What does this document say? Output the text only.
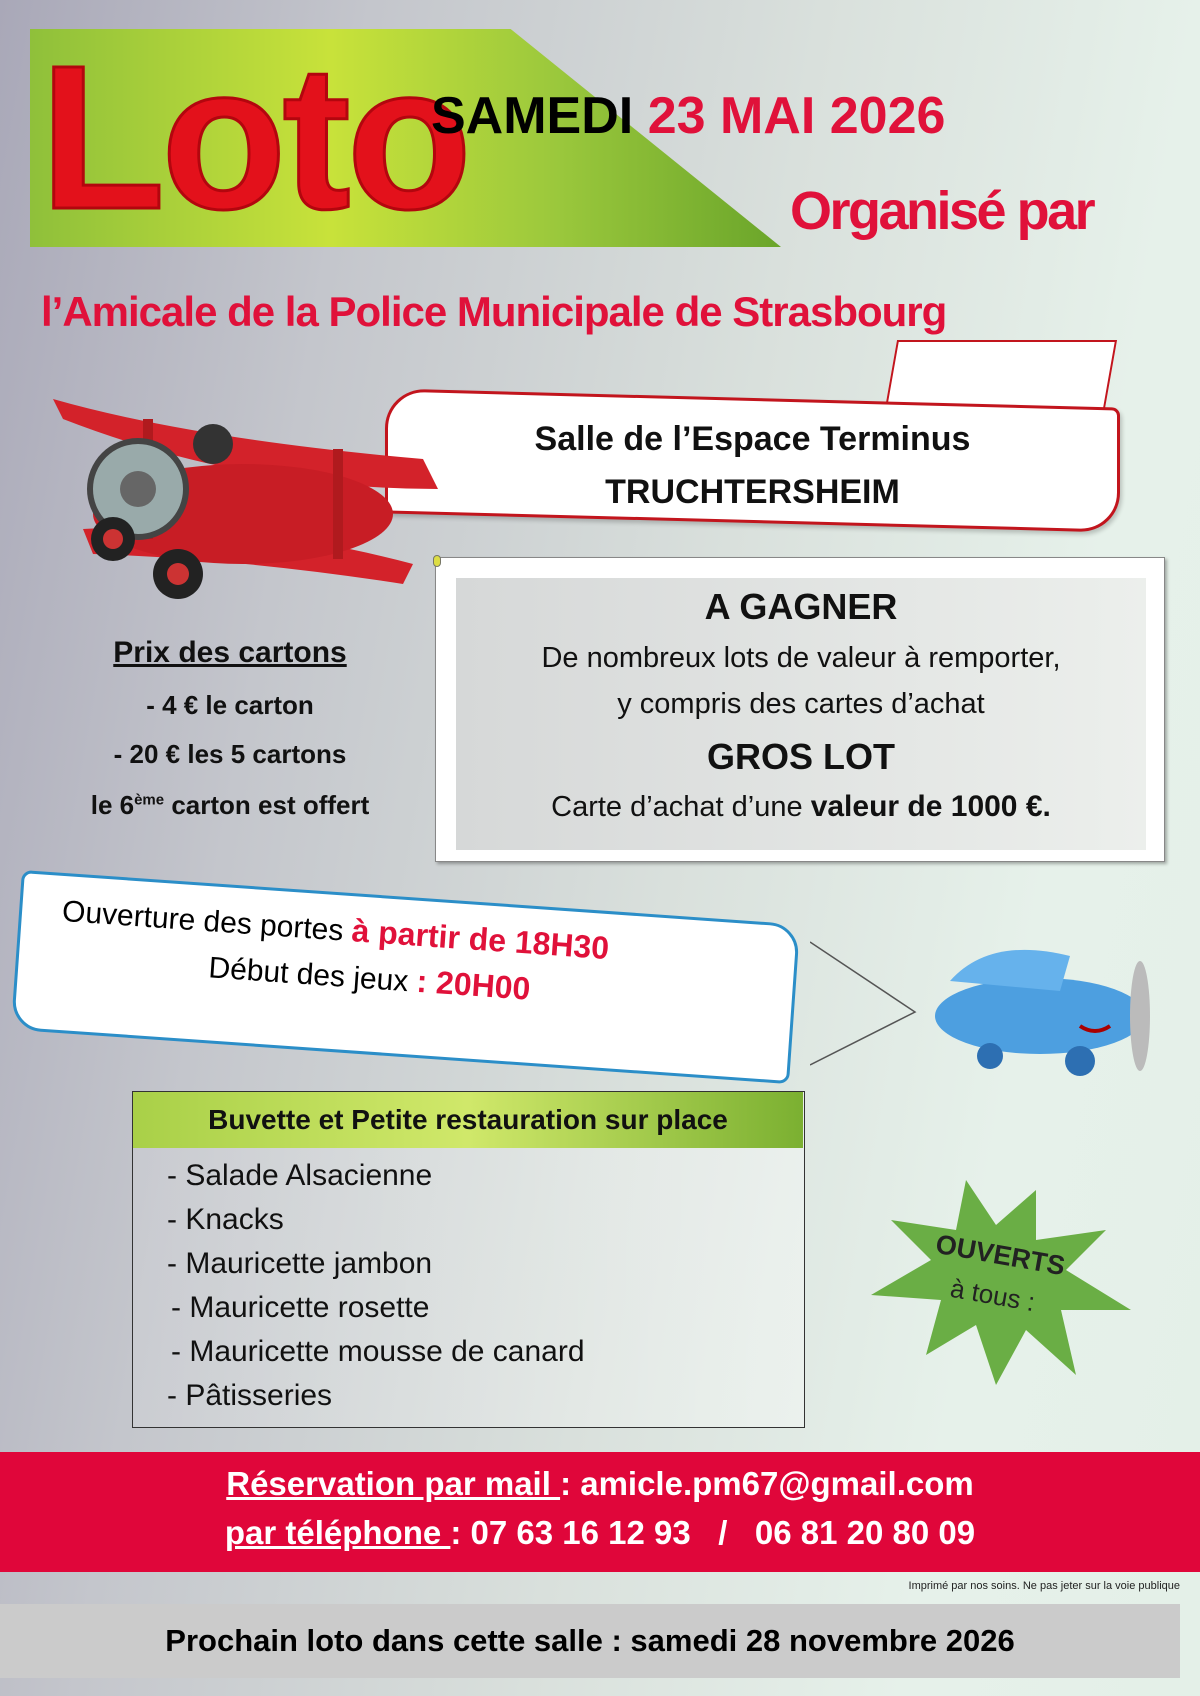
Loto
SAMEDI 23 MAI 2026
Organisé par
l’Amicale de la Police Municipale de Strasbourg
Salle de l’Espace Terminus
TRUCHTERSHEIM
Prix des cartons
- 4 € le carton
- 20 € les 5 cartons
le 6ème carton est offert
A GAGNER
De nombreux lots de valeur à remporter,
y compris des cartes d’achat
GROS LOT
Carte d’achat d’une valeur de 1000 €.
Ouverture des portes à partir de 18H30
Début des jeux : 20H00
Buvette et Petite restauration sur place
- Salade Alsacienne
- Knacks
- Mauricette jambon
- Mauricette rosette
- Mauricette mousse de canard
- Pâtisseries
OUVERTS
à tous :
Réservation par mail : amicle.pm67@gmail.com
par téléphone : 07 63 16 12 93   /   06 81 20 80 09
Imprimé par nos soins. Ne pas jeter sur la voie publique
Prochain loto dans cette salle : samedi 28 novembre 2026
